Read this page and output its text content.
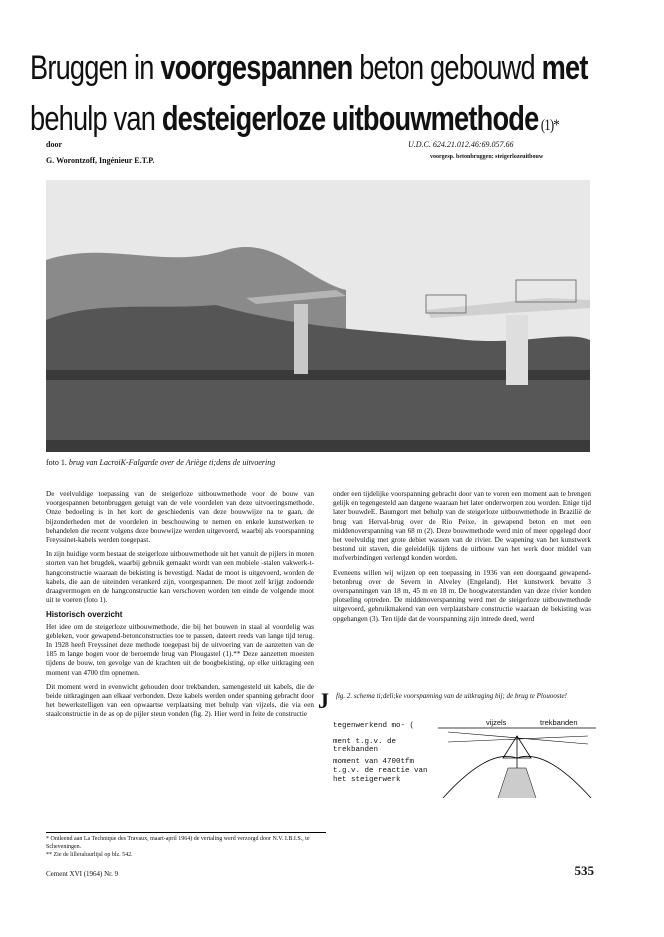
Bruggen in voorgespannen beton gebouwd met
behulp van desteigerloze uitbouwmethode (1)*
door
G. Worontzoff, Ingénieur E.T.P.
U.D.C. 624.21.012.46:69.057.66
voorgesp. betonbruggen: steigerlozeuitbouw
foto 1. brug van LacroiK-Falgarde over de Ariège ti;dens de uitvoering

De veelvuldige toepassing van de steigerloze uitbouwmethode voor de bouw van voorgespannen betonbruggen getuigt van de vele voordelen van deze uitvoeringsmethode. Onze bedoeling is in het kort de geschiedenis van deze bouwwijze na te gaan, de bijzonderheden met de voordelen in beschouwing te nemen en enkele kunstwerken te behandelen die recent volgens deze bouwwijze werden uitgevoerd, waarbij als voorspanning Freyssinet-kabels werden toegepast.

In zijn huidige vorm bestaat de steigerloze uitbouwmethode uit het vanuit de pijlers in moten storten van het brugdek, waarbij gebruik gemaakt wordt van een mobiele -stalen vakwerk-t- hangconstructie waaraan de bekisting is bevestigd. Nadat de moot is uitgevoerd, worden de kabels, die aan de uiteinden verankerd zijn, voorgespannen. De moot zelf krijgt zodoende draagvermogen en de hangconstructie kan verschoven worden ten einde de volgende moot uit te voeren (foto 1).

Historisch overzicht

Het idee om de steigerloze uitbouwmethode, die bij het bouwen in staal al voordelig was gebleken, voor gewapend-betonconstructies toe te passen, dateert reeds van lange tijd terug. In 1928 heeft Freyssinet deze methode toegepast bij de uitvoering van de aanzetten van de 185 m lange bogen voor de beroemde brug van Plougastel (1).** Deze aanzetten moesten tijdens de bouw, ten gevolge van de krachten uit de boogbekisting, op elke uitkraging een moment van 4700 tfm opnemen.

Dit moment werd in evenwicht gehouden door trekbanden, samengesteld uit kabels, die de beide uitkragingen aan elkaar verbonden. Deze kabels werden onder spanning gebracht door het bewerkstelligen van een opwaartse verplaatsing met behulp van vijzels, die via een staalconstructie in de as op de pijler steun vonden (fig. 2). Hier werd in feite de constructie

onder een tijdelijke voorspanning gebracht door van te voren een moment aan te brengen gelijk en tegengesteld aan datgene waaraan het later onderworpen zou worden. Enige tijd later bouwdeE. Baumgort met behulp van de steigerloze uitbouwmethode in Brazilië de brug van Herval-brug over de Rio Peixe, in gewapend beton en met een middenoverspanning van 68 m (2). Deze bouwmethode werd min of meer opgelegd door het veelvuldig met grote debiet wassen van de rivier. De wapening van het kunstwerk bestond uit staven, die geleidelijk tijdens de uitbouw van het werk door middel van mofverbindingen verlengd konden worden.

Eveneens willen wij wijzen op een toepassing in 1936 van een doorgaand gewapend-betonbrug over de Severn in Alveley (Engeland). Het kunstwerk bevatte 3 overspanningen van 18 m, 45 m en 18 m. De hoogwaterstanden van deze rivier konden plotseling optreden. De middenoverspanning werd met de steigerloze uitbouwmethode uitgevoerd, gebruikmakend van een verplaatsbare constructie waaraan de bekisting was opgehangen (3). Ten tijde dat de voorspanning zijn intrede deed, werd

J fig. 2. schema ti;deli;ke voorspanning van de uitkraging bij; de brug te Plouooste!
tegenwerkend mo- (
ment t.g.v. de trekbanden
moment van 4700tfm t.g.v. de reactie van het steigerwerk
vijzels	trekbanden
* Ontleend aan La Technique des Travaux, maart-april 1964) de vertaling werd verzorgd door N.V. I.B.I.S., te Scheveningen.
** Zie de lilleraluurlijsl op blz. 542.
Cement XVI (1964) Nr. 9	535
